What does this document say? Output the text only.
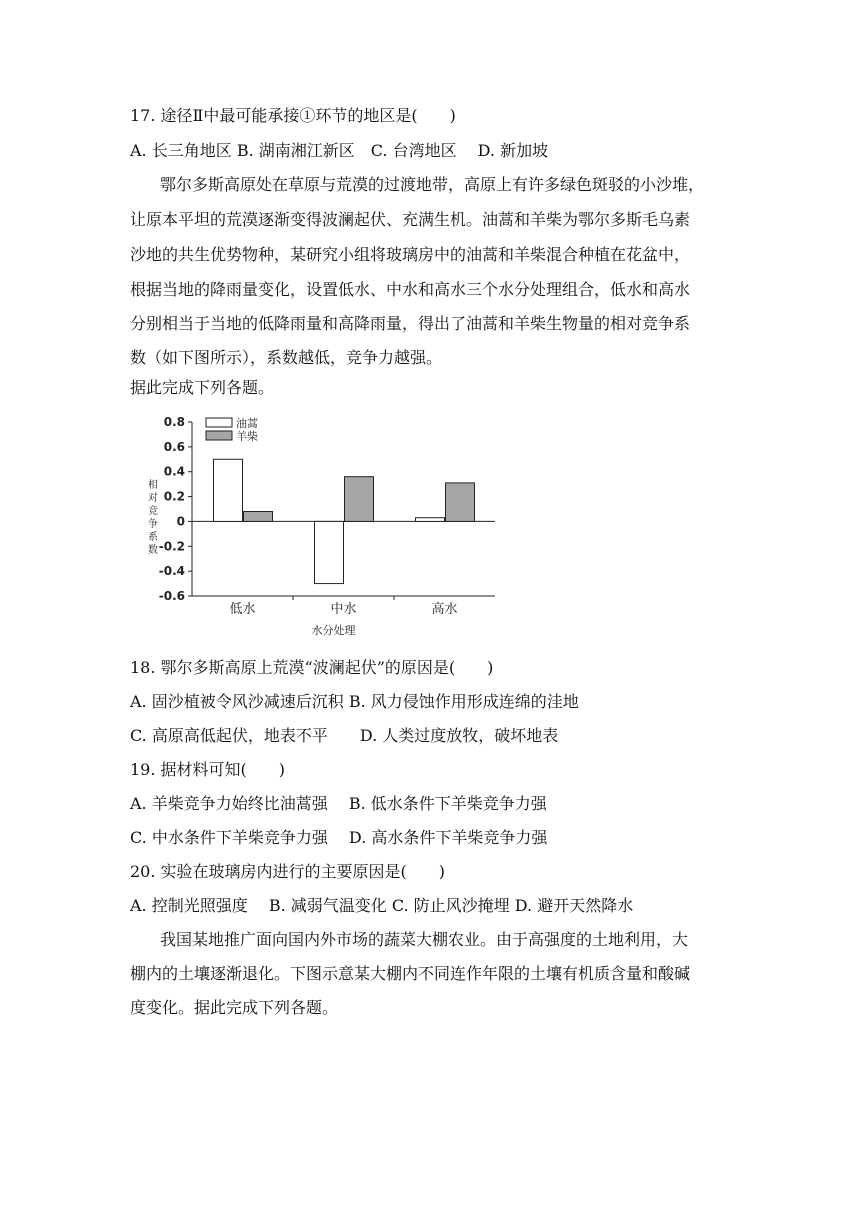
17. 途径Ⅱ中最可能承接①环节的地区是(　　)
A. 长三角地区 B. 湖南湘江新区　C. 台湾地区　 D. 新加坡
鄂尔多斯高原处在草原与荒漠的过渡地带，高原上有许多绿色斑驳的小沙堆，
让原本平坦的荒漠逐渐变得波澜起伏、充满生机。油蒿和羊柴为鄂尔多斯毛乌素
沙地的共生优势物种，某研究小组将玻璃房中的油蒿和羊柴混合种植在花盆中，
根据当地的降雨量变化，设置低水、中水和高水三个水分处理组合，低水和高水
分别相当于当地的低降雨量和高降雨量，得出了油蒿和羊柴生物量的相对竞争系
数（如下图所示），系数越低，竞争力越强。
据此完成下列各题。
0.8
0.6
0.4
0.2
0
-0.2
-0.4
-0.6
相
对
竞
争
系
数
低水	中水	高水
水分处理
油蒿
羊柴
18. 鄂尔多斯高原上荒漠“波澜起伏”的原因是(　　)
A. 固沙植被令风沙减速后沉积 B. 风力侵蚀作用形成连绵的洼地
C. 高原高低起伏，地表不平　　D. 人类过度放牧，破坏地表
19. 据材料可知(　　)
A. 羊柴竞争力始终比油蒿强　 B. 低水条件下羊柴竞争力强
C. 中水条件下羊柴竞争力强　 D. 高水条件下羊柴竞争力强
20. 实验在玻璃房内进行的主要原因是(　　)
A. 控制光照强度　 B. 减弱气温变化 C. 防止风沙掩埋 D. 避开天然降水
我国某地推广面向国内外市场的蔬菜大棚农业。由于高强度的土地利用，大
棚内的土壤逐渐退化。下图示意某大棚内不同连作年限的土壤有机质含量和酸碱
度变化。据此完成下列各题。
